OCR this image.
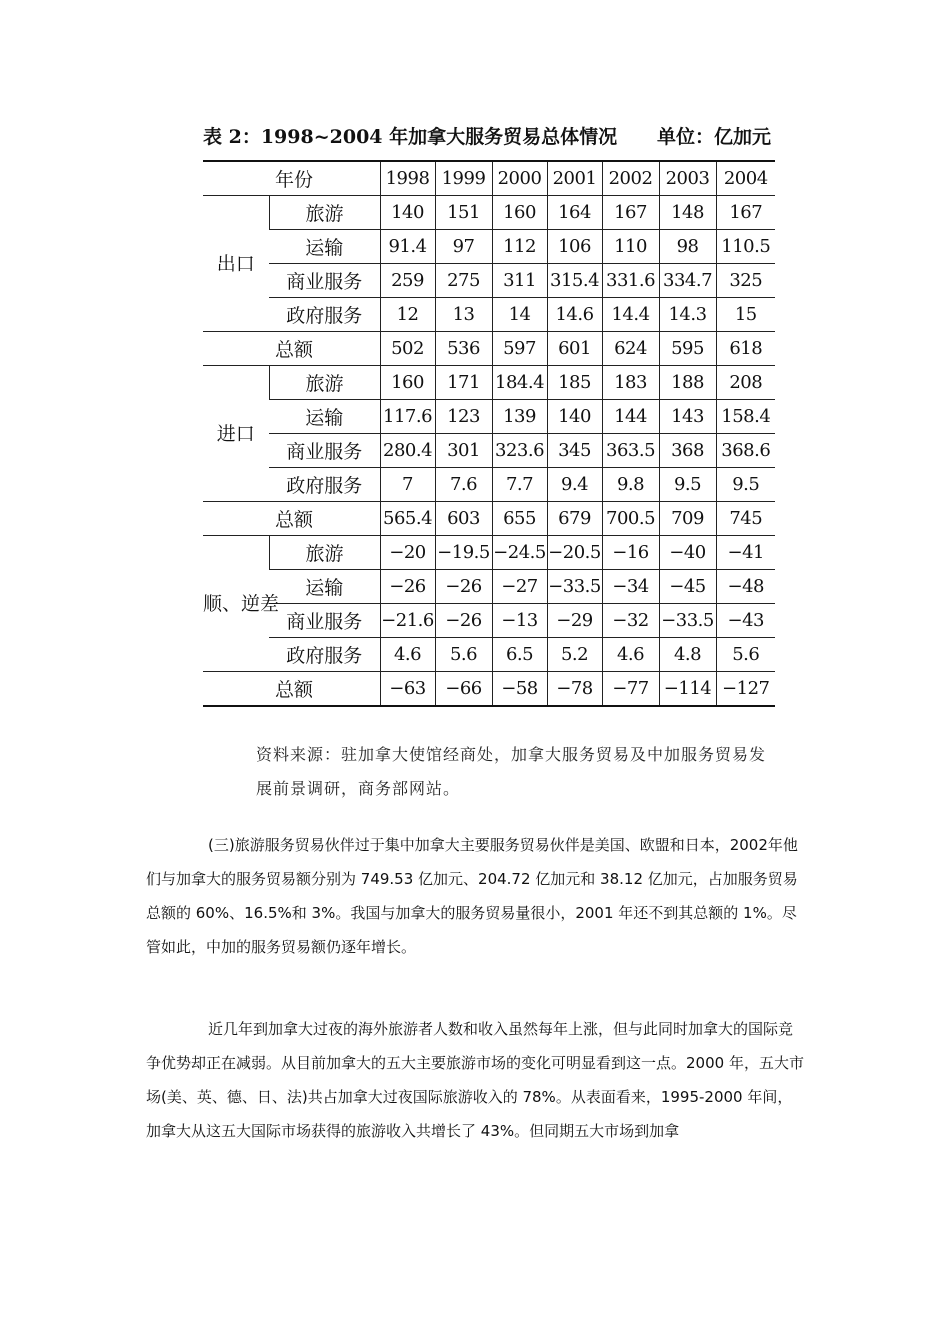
表 2：1998~2004 年加拿大服务贸易总体情况 单位：亿加元
年份		1998	1999	2000	2001	2002	2003	2004
出口	旅游	140	151	160	164	167	148	167
	运输	91.4	97	112	106	110	98	110.5
	商业服务	259	275	311	315.4	331.6	334.7	325
	政府服务	12	13	14	14.6	14.4	14.3	15
总额		502	536	597	601	624	595	618
进口	旅游	160	171	184.4	185	183	188	208
	运输	117.6	123	139	140	144	143	158.4
	商业服务	280.4	301	323.6	345	363.5	368	368.6
	政府服务	7	7.6	7.7	9.4	9.8	9.5	9.5
总额		565.4	603	655	679	700.5	709	745
顺、逆差	旅游	−20	−19.5	−24.5	−20.5	−16	−40	−41
	运输	−26	−26	−27	−33.5	−34	−45	−48
	商业服务	−21.6	−26	−13	−29	−32	−33.5	−43
	政府服务	4.6	5.6	6.5	5.2	4.6	4.8	5.6
总额		−63	−66	−58	−78	−77	−114	−127
资料来源：驻加拿大使馆经商处，加拿大服务贸易及中加服务贸易发展前景调研，商务部网站。

(三)旅游服务贸易伙伴过于集中加拿大主要服务贸易伙伴是美国、欧盟和日本，2002年他们与加拿大的服务贸易额分别为 749.53 亿加元、204.72 亿加元和 38.12 亿加元，占加服务贸易总额的 60%、16.5%和 3%。我国与加拿大的服务贸易量很小，2001 年还不到其总额的 1%。尽管如此，中加的服务贸易额仍逐年增长。

近几年到加拿大过夜的海外旅游者人数和收入虽然每年上涨，但与此同时加拿大的国际竞争优势却正在减弱。从目前加拿大的五大主要旅游市场的变化可明显看到这一点。2000 年，五大市场(美、英、德、日、法)共占加拿大过夜国际旅游收入的 78%。从表面看来，1995-2000 年间，加拿大从这五大国际市场获得的旅游收入共增长了 43%。但同期五大市场到加拿
